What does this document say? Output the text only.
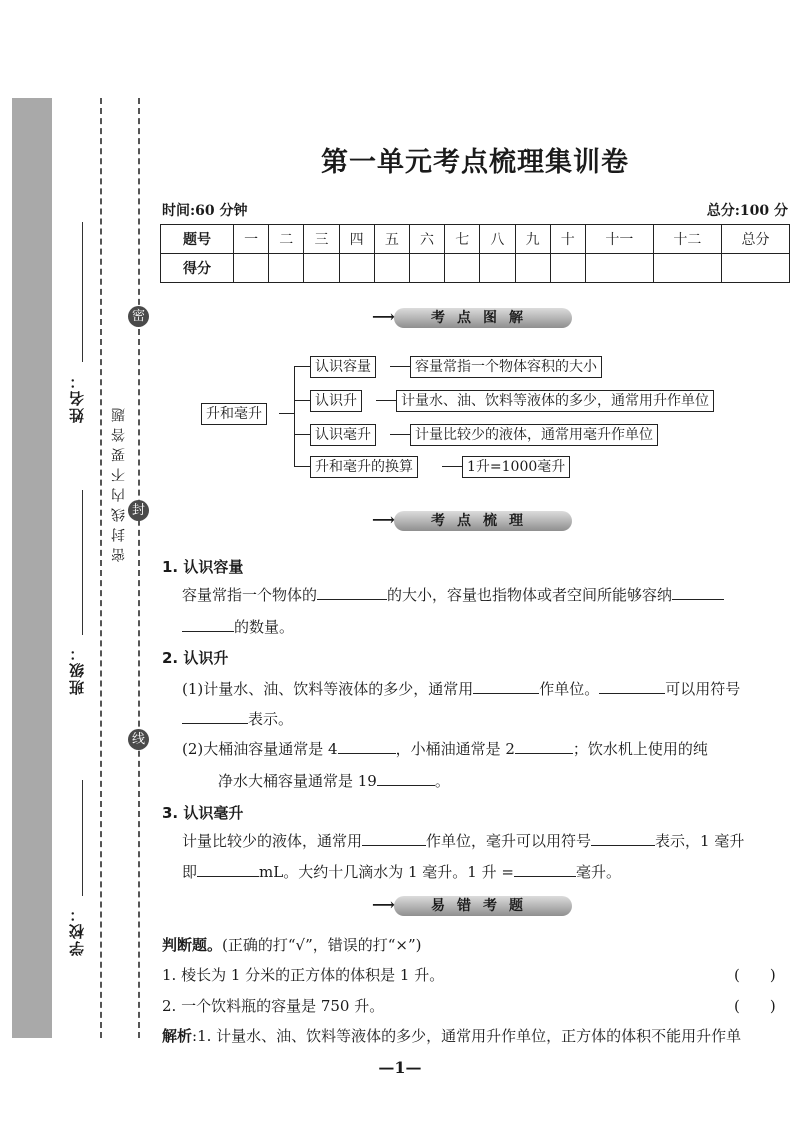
姓名：
班级：
学校：
密封线内不要答题
密
封
线
第一单元考点梳理集训卷
时间:60 分钟	总分:100 分
题号	一	二	三	四	五	六	七	八	九	十	十一	十二	总分
得分													
⟶	考点图解
升和毫升
认识容量	容量常指一个物体容积的大小
认识升	计量水、油、饮料等液体的多少，通常用升作单位
认识毫升	计量比较少的液体，通常用毫升作单位
升和毫升的换算	1升=1000毫升
⟶	考点梳理
1. 认识容量
容量常指一个物体的	的大小，容量也指物体或者空间所能够容纳
的数量。
2. 认识升
(1)计量水、油、饮料等液体的多少，通常用	作单位。	可以用符号
表示。
(2)大桶油容量通常是 4	，小桶油通常是 2	；饮水机上使用的纯
净水大桶容量通常是 19	。
3. 认识毫升
计量比较少的液体，通常用	作单位，毫升可以用符号	表示，1 毫升
即	mL。大约十几滴水为 1 毫升。1 升 =	毫升。
⟶	易错考题
判断题。(正确的打“√”，错误的打“×”)
1. 棱长为 1 分米的正方体的体积是 1 升。	(　　)
2. 一个饮料瓶的容量是 750 升。	(　　)
解析:1. 计量水、油、饮料等液体的多少，通常用升作单位，正方体的体积不能用升作单
—1—
